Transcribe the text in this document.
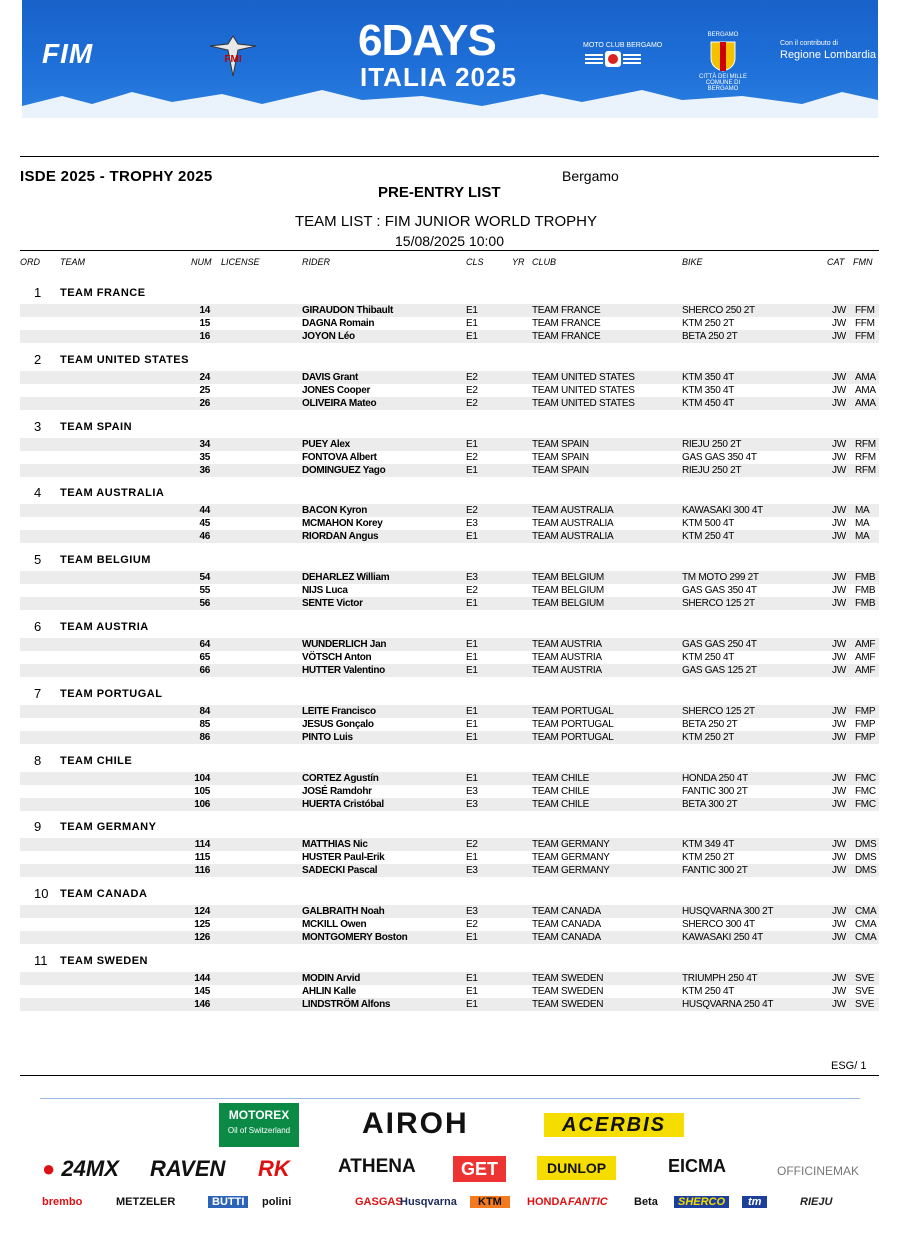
FIM	FMI	6DAYS
ITALIA 2025
MOTO CLUB BERGAMO
BERGAMO
CITTÀ DEI MILLE
COMUNE DI BERGAMO
Con il contributo di
Regione Lombardia
ISDE 2025 - TROPHY 2025	Bergamo
PRE-ENTRY LIST
TEAM LIST : FIM JUNIOR WORLD TROPHY
15/08/2025 10:00
ORD TEAM	NUM LICENSE	RIDER	CLS	YR CLUB	BIKE	CAT FMN
1 TEAM FRANCE
14	GIRAUDON Thibault	E1	TEAM FRANCE	SHERCO 250 2T	JW FFM
15	DAGNA Romain	E1	TEAM FRANCE	KTM 250 2T	JW FFM
16	JOYON Léo	E1	TEAM FRANCE	BETA 250 2T	JW FFM
2 TEAM UNITED STATES
24	DAVIS Grant	E2	TEAM UNITED STATES	KTM 350 4T	JW AMA
25	JONES Cooper	E2	TEAM UNITED STATES	KTM 350 4T	JW AMA
26	OLIVEIRA Mateo	E2	TEAM UNITED STATES	KTM 450 4T	JW AMA
3 TEAM SPAIN
34	PUEY Alex	E1	TEAM SPAIN	RIEJU 250 2T	JW RFM
35	FONTOVA Albert	E2	TEAM SPAIN	GAS GAS 350 4T	JW RFM
36	DOMINGUEZ Yago	E1	TEAM SPAIN	RIEJU 250 2T	JW RFM
4 TEAM AUSTRALIA
44	BACON Kyron	E2	TEAM AUSTRALIA	KAWASAKI 300 4T	JW MA
45	MCMAHON Korey	E3	TEAM AUSTRALIA	KTM 500 4T	JW MA
46	RIORDAN Angus	E1	TEAM AUSTRALIA	KTM 250 4T	JW MA
5 TEAM BELGIUM
54	DEHARLEZ William	E3	TEAM BELGIUM	TM MOTO 299 2T	JW FMB
55	NIJS Luca	E2	TEAM BELGIUM	GAS GAS 350 4T	JW FMB
56	SENTE Victor	E1	TEAM BELGIUM	SHERCO 125 2T	JW FMB
6 TEAM AUSTRIA
64	WUNDERLICH Jan	E1	TEAM AUSTRIA	GAS GAS 250 4T	JW AMF
65	VÖTSCH Anton	E1	TEAM AUSTRIA	KTM 250 4T	JW AMF
66	HUTTER Valentino	E1	TEAM AUSTRIA	GAS GAS 125 2T	JW AMF
7 TEAM PORTUGAL
84	LEITE Francisco	E1	TEAM PORTUGAL	SHERCO 125 2T	JW FMP
85	JESUS Gonçalo	E1	TEAM PORTUGAL	BETA 250 2T	JW FMP
86	PINTO Luis	E1	TEAM PORTUGAL	KTM 250 2T	JW FMP
8 TEAM CHILE
104	CORTEZ Agustín	E1	TEAM CHILE	HONDA 250 4T	JW FMC
105	JOSÉ Ramdohr	E3	TEAM CHILE	FANTIC 300 2T	JW FMC
106	HUERTA Cristóbal	E3	TEAM CHILE	BETA 300 2T	JW FMC
9 TEAM GERMANY
114	MATTHIAS Nic	E2	TEAM GERMANY	KTM 349 4T	JW DMS
115	HUSTER Paul-Erik	E1	TEAM GERMANY	KTM 250 2T	JW DMS
116	SADECKI Pascal	E3	TEAM GERMANY	FANTIC 300 2T	JW DMS
10 TEAM CANADA
124	GALBRAITH Noah	E3	TEAM CANADA	HUSQVARNA 300 2T	JW CMA
125	MCKILL Owen	E2	TEAM CANADA	SHERCO 300 4T	JW CMA
126	MONTGOMERY Boston	E1	TEAM CANADA	KAWASAKI 250 4T	JW CMA
11 TEAM SWEDEN
144	MODIN Arvid	E1	TEAM SWEDEN	TRIUMPH 250 4T	JW SVE
145	AHLIN Kalle	E1	TEAM SWEDEN	KTM 250 4T	JW SVE
146	LINDSTRÖM Alfons	E1	TEAM SWEDEN	HUSQVARNA 250 4T	JW SVE
ESG/ 1
MOTOREX
Oil of Switzerland AIROH	ACERBIS
● 24MX RAVEN RK	ATHENA	GET	DUNLOP	EICMA	OFFICINEMAK
brembo	METZELER	BUTTI	polini	GASGAS
Husqvarna	KTM	HONDA FANTIC Beta	SHERCO	tm	RIEJU
